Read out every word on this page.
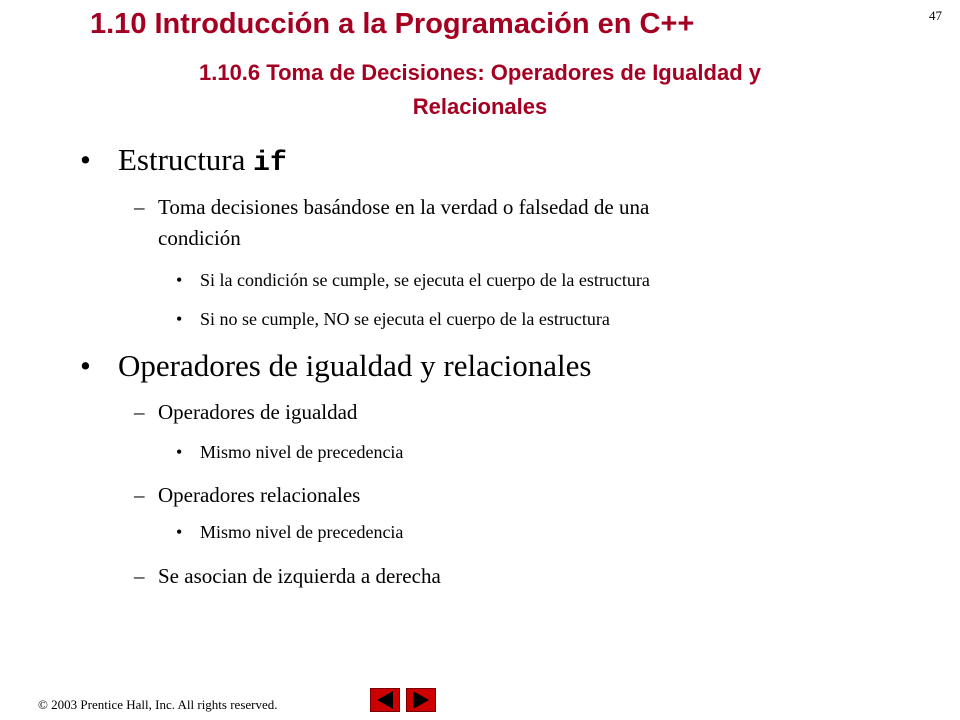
1.10 Introducción a la Programación en C++
1.10.6 Toma de Decisiones: Operadores de Igualdad y
Relacionales
47
• Estructura if
– Toma decisiones basándose en la verdad o falsedad de una
condición
• Si la condición se cumple, se ejecuta el cuerpo de la estructura
• Si no se cumple, NO se ejecuta el cuerpo de la estructura
• Operadores de igualdad y relacionales
– Operadores de igualdad
• Mismo nivel de precedencia
– Operadores relacionales
• Mismo nivel de precedencia
– Se asocian de izquierda a derecha
© 2003 Prentice Hall, Inc. All rights reserved.
